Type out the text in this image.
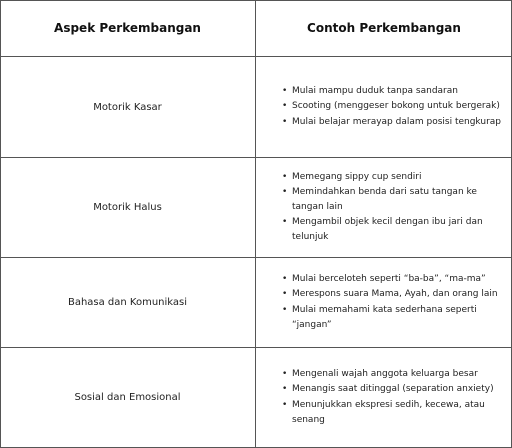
Aspek Perkembangan	Contoh Perkembangan
Motorik Kasar
• Mulai mampu duduk tanpa sandaran
• Scooting (menggeser bokong untuk bergerak)
• Mulai belajar merayap dalam posisi tengkurap
Motorik Halus
• Memegang sippy cup sendiri
• Memindahkan benda dari satu tangan ke tangan lain
• Mengambil objek kecil dengan ibu jari dan telunjuk
Bahasa dan Komunikasi
• Mulai berceloteh seperti “ba-ba”, “ma-ma”
• Merespons suara Mama, Ayah, dan orang lain
• Mulai memahami kata sederhana seperti “jangan”
Sosial dan Emosional
• Mengenali wajah anggota keluarga besar
• Menangis saat ditinggal (separation anxiety)
• Menunjukkan ekspresi sedih, kecewa, atau senang
